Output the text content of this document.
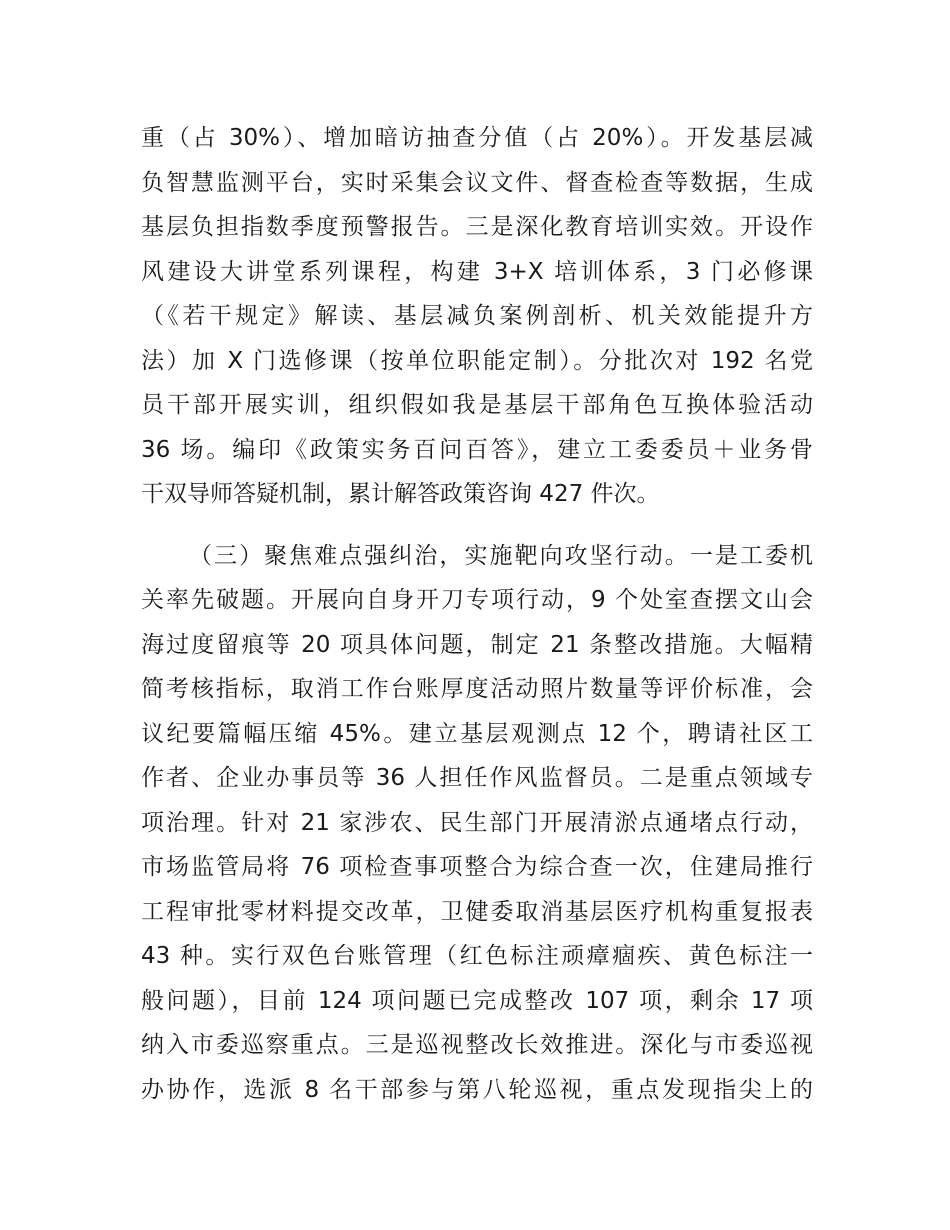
重（占 30%）、增加暗访抽查分值（占 20%）。开发基层减
负智慧监测平台，实时采集会议文件、督查检查等数据，生成
基层负担指数季度预警报告。三是深化教育培训实效。开设作
风建设大讲堂系列课程，构建 3+X 培训体系，3 门必修课
（《若干规定》解读、基层减负案例剖析、机关效能提升方
法）加 X 门选修课（按单位职能定制）。分批次对 192 名党
员干部开展实训，组织假如我是基层干部角色互换体验活动
36 场。编印《政策实务百问百答》，建立工委委员＋业务骨
干双导师答疑机制，累计解答政策咨询 427 件次。
（三）聚焦难点强纠治，实施靶向攻坚行动。一是工委机
关率先破题。开展向自身开刀专项行动，9 个处室查摆文山会
海过度留痕等 20 项具体问题，制定 21 条整改措施。大幅精
简考核指标，取消工作台账厚度活动照片数量等评价标准，会
议纪要篇幅压缩 45%。建立基层观测点 12 个，聘请社区工
作者、企业办事员等 36 人担任作风监督员。二是重点领域专
项治理。针对 21 家涉农、民生部门开展清淤点通堵点行动，
市场监管局将 76 项检查事项整合为综合查一次，住建局推行
工程审批零材料提交改革，卫健委取消基层医疗机构重复报表
43 种。实行双色台账管理（红色标注顽瘴痼疾、黄色标注一
般问题），目前 124 项问题已完成整改 107 项，剩余 17 项
纳入市委巡察重点。三是巡视整改长效推进。深化与市委巡视
办协作，选派 8 名干部参与第八轮巡视，重点发现指尖上的
